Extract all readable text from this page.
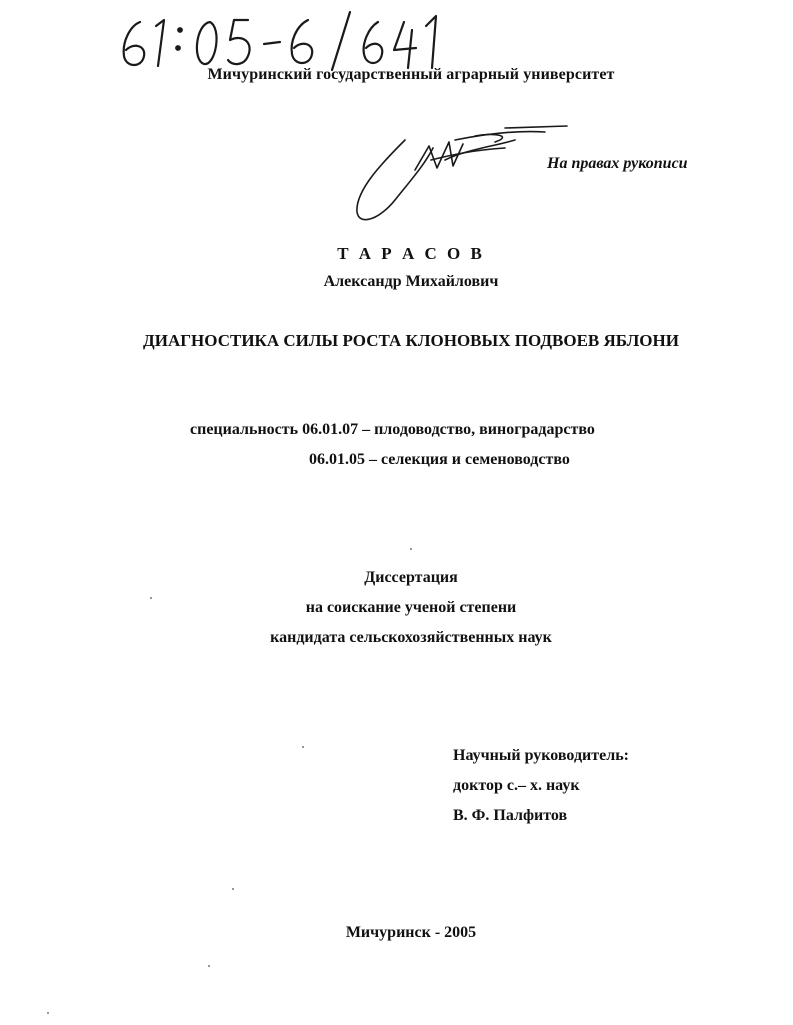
Мичуринский государственный аграрный университет
На правах рукописи
Т А Р А С О В
Александр Михайлович
ДИАГНОСТИКА СИЛЫ РОСТА КЛОНОВЫХ ПОДВОЕВ ЯБЛОНИ
специальность 06.01.07 – плодоводство, виноградарство
06.01.05 – селекция и семеноводство
Диссертация
на соискание ученой степени
кандидата сельскохозяйственных наук
Научный руководитель:
доктор с.– х. наук
В. Ф. Палфитов
Мичуринск - 2005
